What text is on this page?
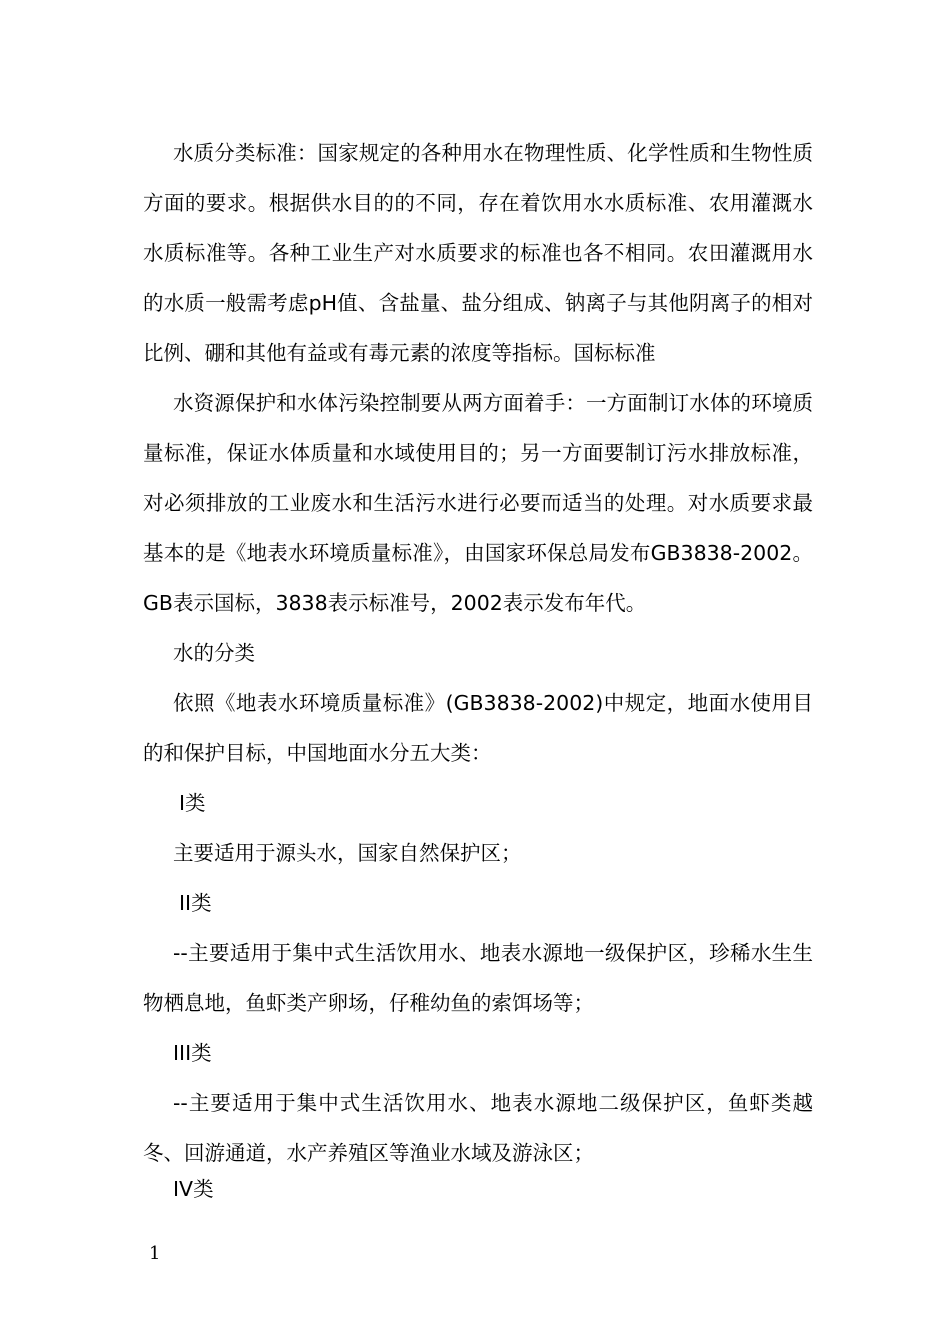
水质分类标准：国家规定的各种用水在物理性质、化学性质和生物性质方面的要求。根据供水目的的不同，存在着饮用水水质标准、农用灌溉水水质标准等。各种工业生产对水质要求的标准也各不相同。农田灌溉用水的水质一般需考虑pH值、含盐量、盐分组成、钠离子与其他阴离子的相对比例、硼和其他有益或有毒元素的浓度等指标。国标标准

水资源保护和水体污染控制要从两方面着手：一方面制订水体的环境质量标准，保证水体质量和水域使用目的；另一方面要制订污水排放标准，对必须排放的工业废水和生活污水进行必要而适当的处理。对水质要求最基本的是《地表水环境质量标准》，由国家环保总局发布GB3838-2002。GB表示国标，3838表示标准号，2002表示发布年代。

水的分类

依照《地表水环境质量标准》(GB3838-2002)中规定，地面水使用目的和保护目标，中国地面水分五大类：

I类

主要适用于源头水，国家自然保护区；

II类

--主要适用于集中式生活饮用水、地表水源地一级保护区，珍稀水生生物栖息地，鱼虾类产卵场，仔稚幼鱼的索饵场等；

III类

--主要适用于集中式生活饮用水、地表水源地二级保护区，鱼虾类越冬、回游通道，水产养殖区等渔业水域及游泳区；

IV类

1
